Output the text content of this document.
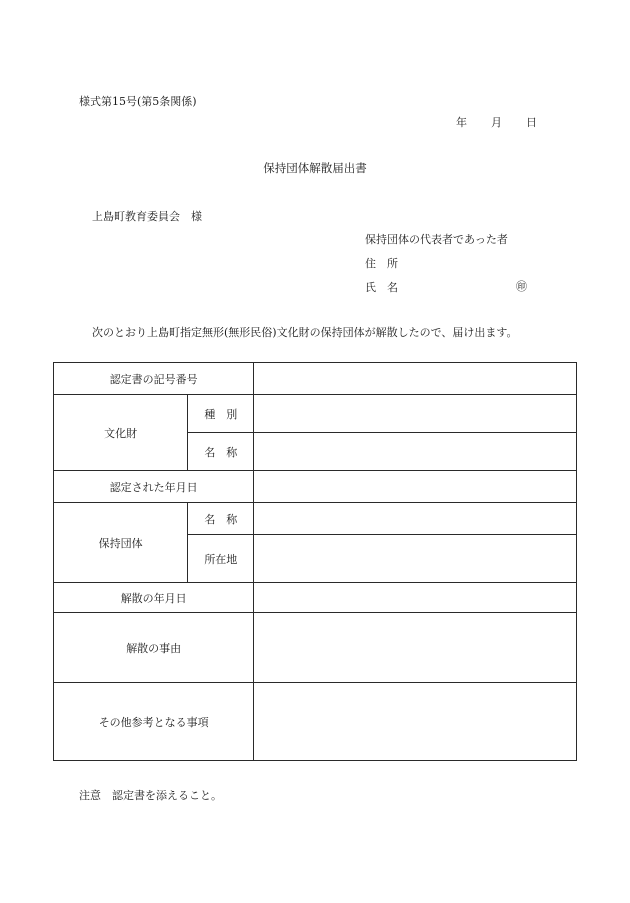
様式第15号(第5条関係)
年 月 日
保持団体解散届出書
上島町教育委員会　様
保持団体の代表者であった者
住　所
氏　名	㊞
次のとおり上島町指定無形(無形民俗)文化財の保持団体が解散したので、届け出ます。
認定書の記号番号		
文化財	種　別	
	名　称	
認定された年月日		
保持団体	名　称	
	所在地	
解散の年月日		
解散の事由		
その他参考となる事項		
注意　認定書を添えること。
